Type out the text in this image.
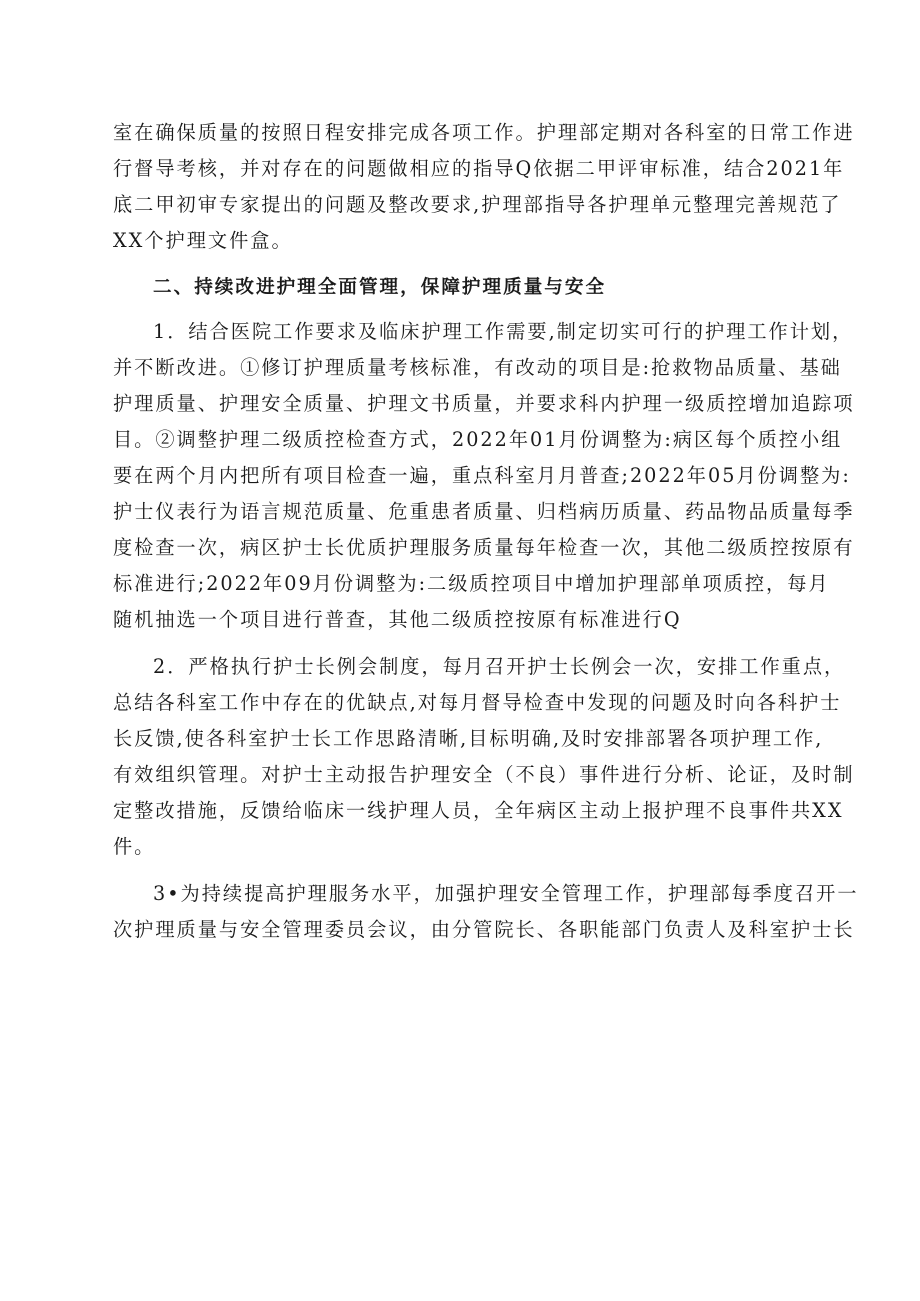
室在确保质量的按照日程安排完成各项工作。护理部定期对各科室的日常工作进
行督导考核，并对存在的问题做相应的指导Q依据二甲评审标准，结合2021年
底二甲初审专家提出的问题及整改要求,护理部指导各护理单元整理完善规范了
XX个护理文件盒。
二、持续改进护理全面管理，保障护理质量与安全
1．结合医院工作要求及临床护理工作需要,制定切实可行的护理工作计划，
并不断改进。①修订护理质量考核标准，有改动的项目是:抢救物品质量、基础
护理质量、护理安全质量、护理文书质量，并要求科内护理一级质控增加追踪项
目。②调整护理二级质控检查方式，2022年01月份调整为:病区每个质控小组
要在两个月内把所有项目检查一遍，重点科室月月普查;2022年05月份调整为:
护士仪表行为语言规范质量、危重患者质量、归档病历质量、药品物品质量每季
度检查一次，病区护士长优质护理服务质量每年检查一次，其他二级质控按原有
标准进行;2022年09月份调整为:二级质控项目中增加护理部单项质控，每月
随机抽选一个项目进行普查，其他二级质控按原有标准进行Q
2．严格执行护士长例会制度，每月召开护士长例会一次，安排工作重点，
总结各科室工作中存在的优缺点,对每月督导检查中发现的问题及时向各科护士
长反馈,使各科室护士长工作思路清晰,目标明确,及时安排部署各项护理工作,
有效组织管理。对护士主动报告护理安全（不良）事件进行分析、论证，及时制
定整改措施，反馈给临床一线护理人员，全年病区主动上报护理不良事件共XX
件。
3•为持续提高护理服务水平，加强护理安全管理工作，护理部每季度召开一
次护理质量与安全管理委员会议，由分管院长、各职能部门负责人及科室护士长
